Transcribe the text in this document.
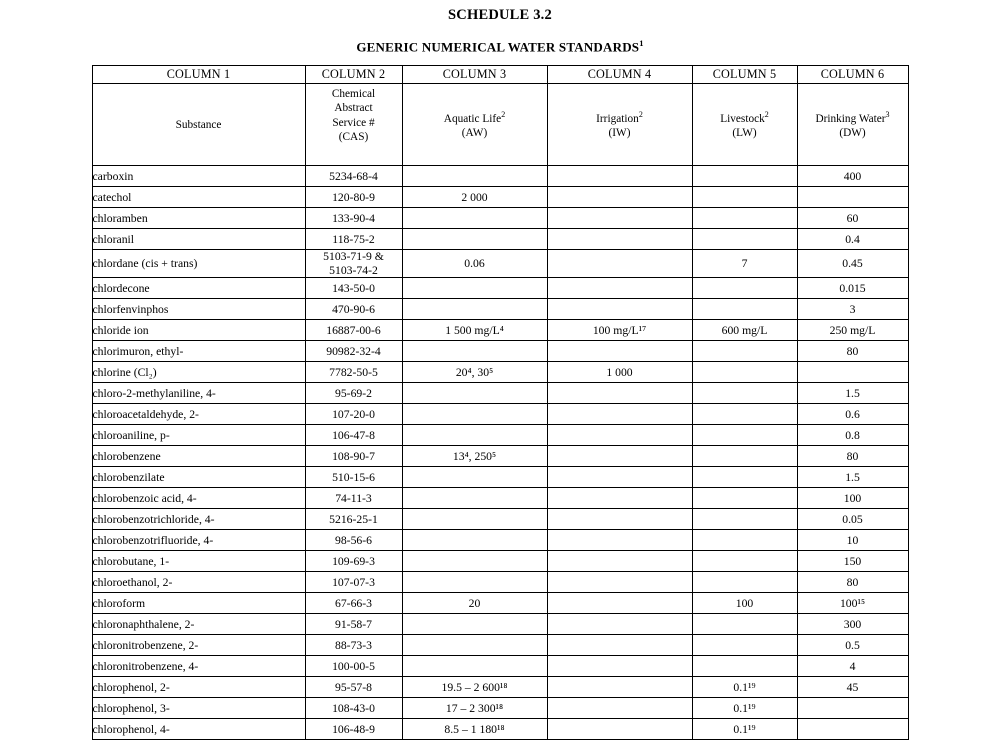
SCHEDULE 3.2
GENERIC NUMERICAL WATER STANDARDS$^1$
COLUMN 1	COLUMN 2	COLUMN 3	COLUMN 4	COLUMN 5	COLUMN 6

Substance	Chemical
Abstract
Service #
(CAS)	Aquatic Life$^2$
(AW)	Irrigation$^2$
(IW)	Livestock$^2$
(LW)	Drinking Water$^3$
(DW)

carboxin	5234-68-4				400
catechol	120-80-9	2 000			
chloramben	133-90-4				60
chloranil	118-75-2				0.4
chlordane (cis + trans)	5103-71-9 &
5103-74-2	0.06		7	0.45
chlordecone	143-50-0				0.015
chlorfenvinphos	470-90-6				3
chloride ion	16887-00-6	1 500 mg/L⁴	100 mg/L¹⁷	600 mg/L	250 mg/L
chlorimuron, ethyl-	90982-32-4				80
chlorine (Cl₂)	7782-50-5	20⁴, 30⁵	1 000		
chloro-2-methylaniline, 4-	95-69-2				1.5
chloroacetaldehyde, 2-	107-20-0				0.6
chloroaniline, p-	106-47-8				0.8
chlorobenzene	108-90-7	13⁴, 250⁵			80
chlorobenzilate	510-15-6				1.5
chlorobenzoic acid, 4-	74-11-3				100
chlorobenzotrichloride, 4-	5216-25-1				0.05
chlorobenzotrifluoride, 4-	98-56-6				10
chlorobutane, 1-	109-69-3				150
chloroethanol, 2-	107-07-3				80
chloroform	67-66-3	20		100	100¹⁵
chloronaphthalene, 2-	91-58-7				300
chloronitrobenzene, 2-	88-73-3				0.5
chloronitrobenzene, 4-	100-00-5				4
chlorophenol, 2-	95-57-8	19.5 – 2 600¹⁸		0.1¹⁹	45
chlorophenol, 3-	108-43-0	17 – 2 300¹⁸		0.1¹⁹	
chlorophenol, 4-	106-48-9	8.5 – 1 180¹⁸		0.1¹⁹	
